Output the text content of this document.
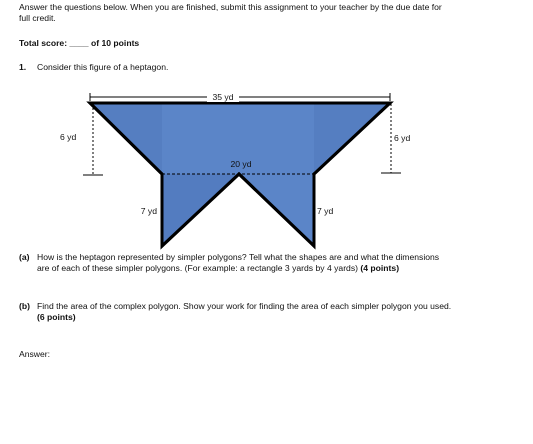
Answer the questions below. When you are finished, submit this assignment to your teacher by the due date for
full credit.
Total score: ____ of 10 points
1. Consider this figure of a heptagon.
35 yd
6 yd	6 yd
20 yd
7 yd	7 yd
(a) How is the heptagon represented by simpler polygons? Tell what the shapes are and what the dimensions
are of each of these simpler polygons. (For example: a rectangle 3 yards by 4 yards) (4 points)
(b) Find the area of the complex polygon. Show your work for finding the area of each simpler polygon you used.
(6 points)
Answer:
